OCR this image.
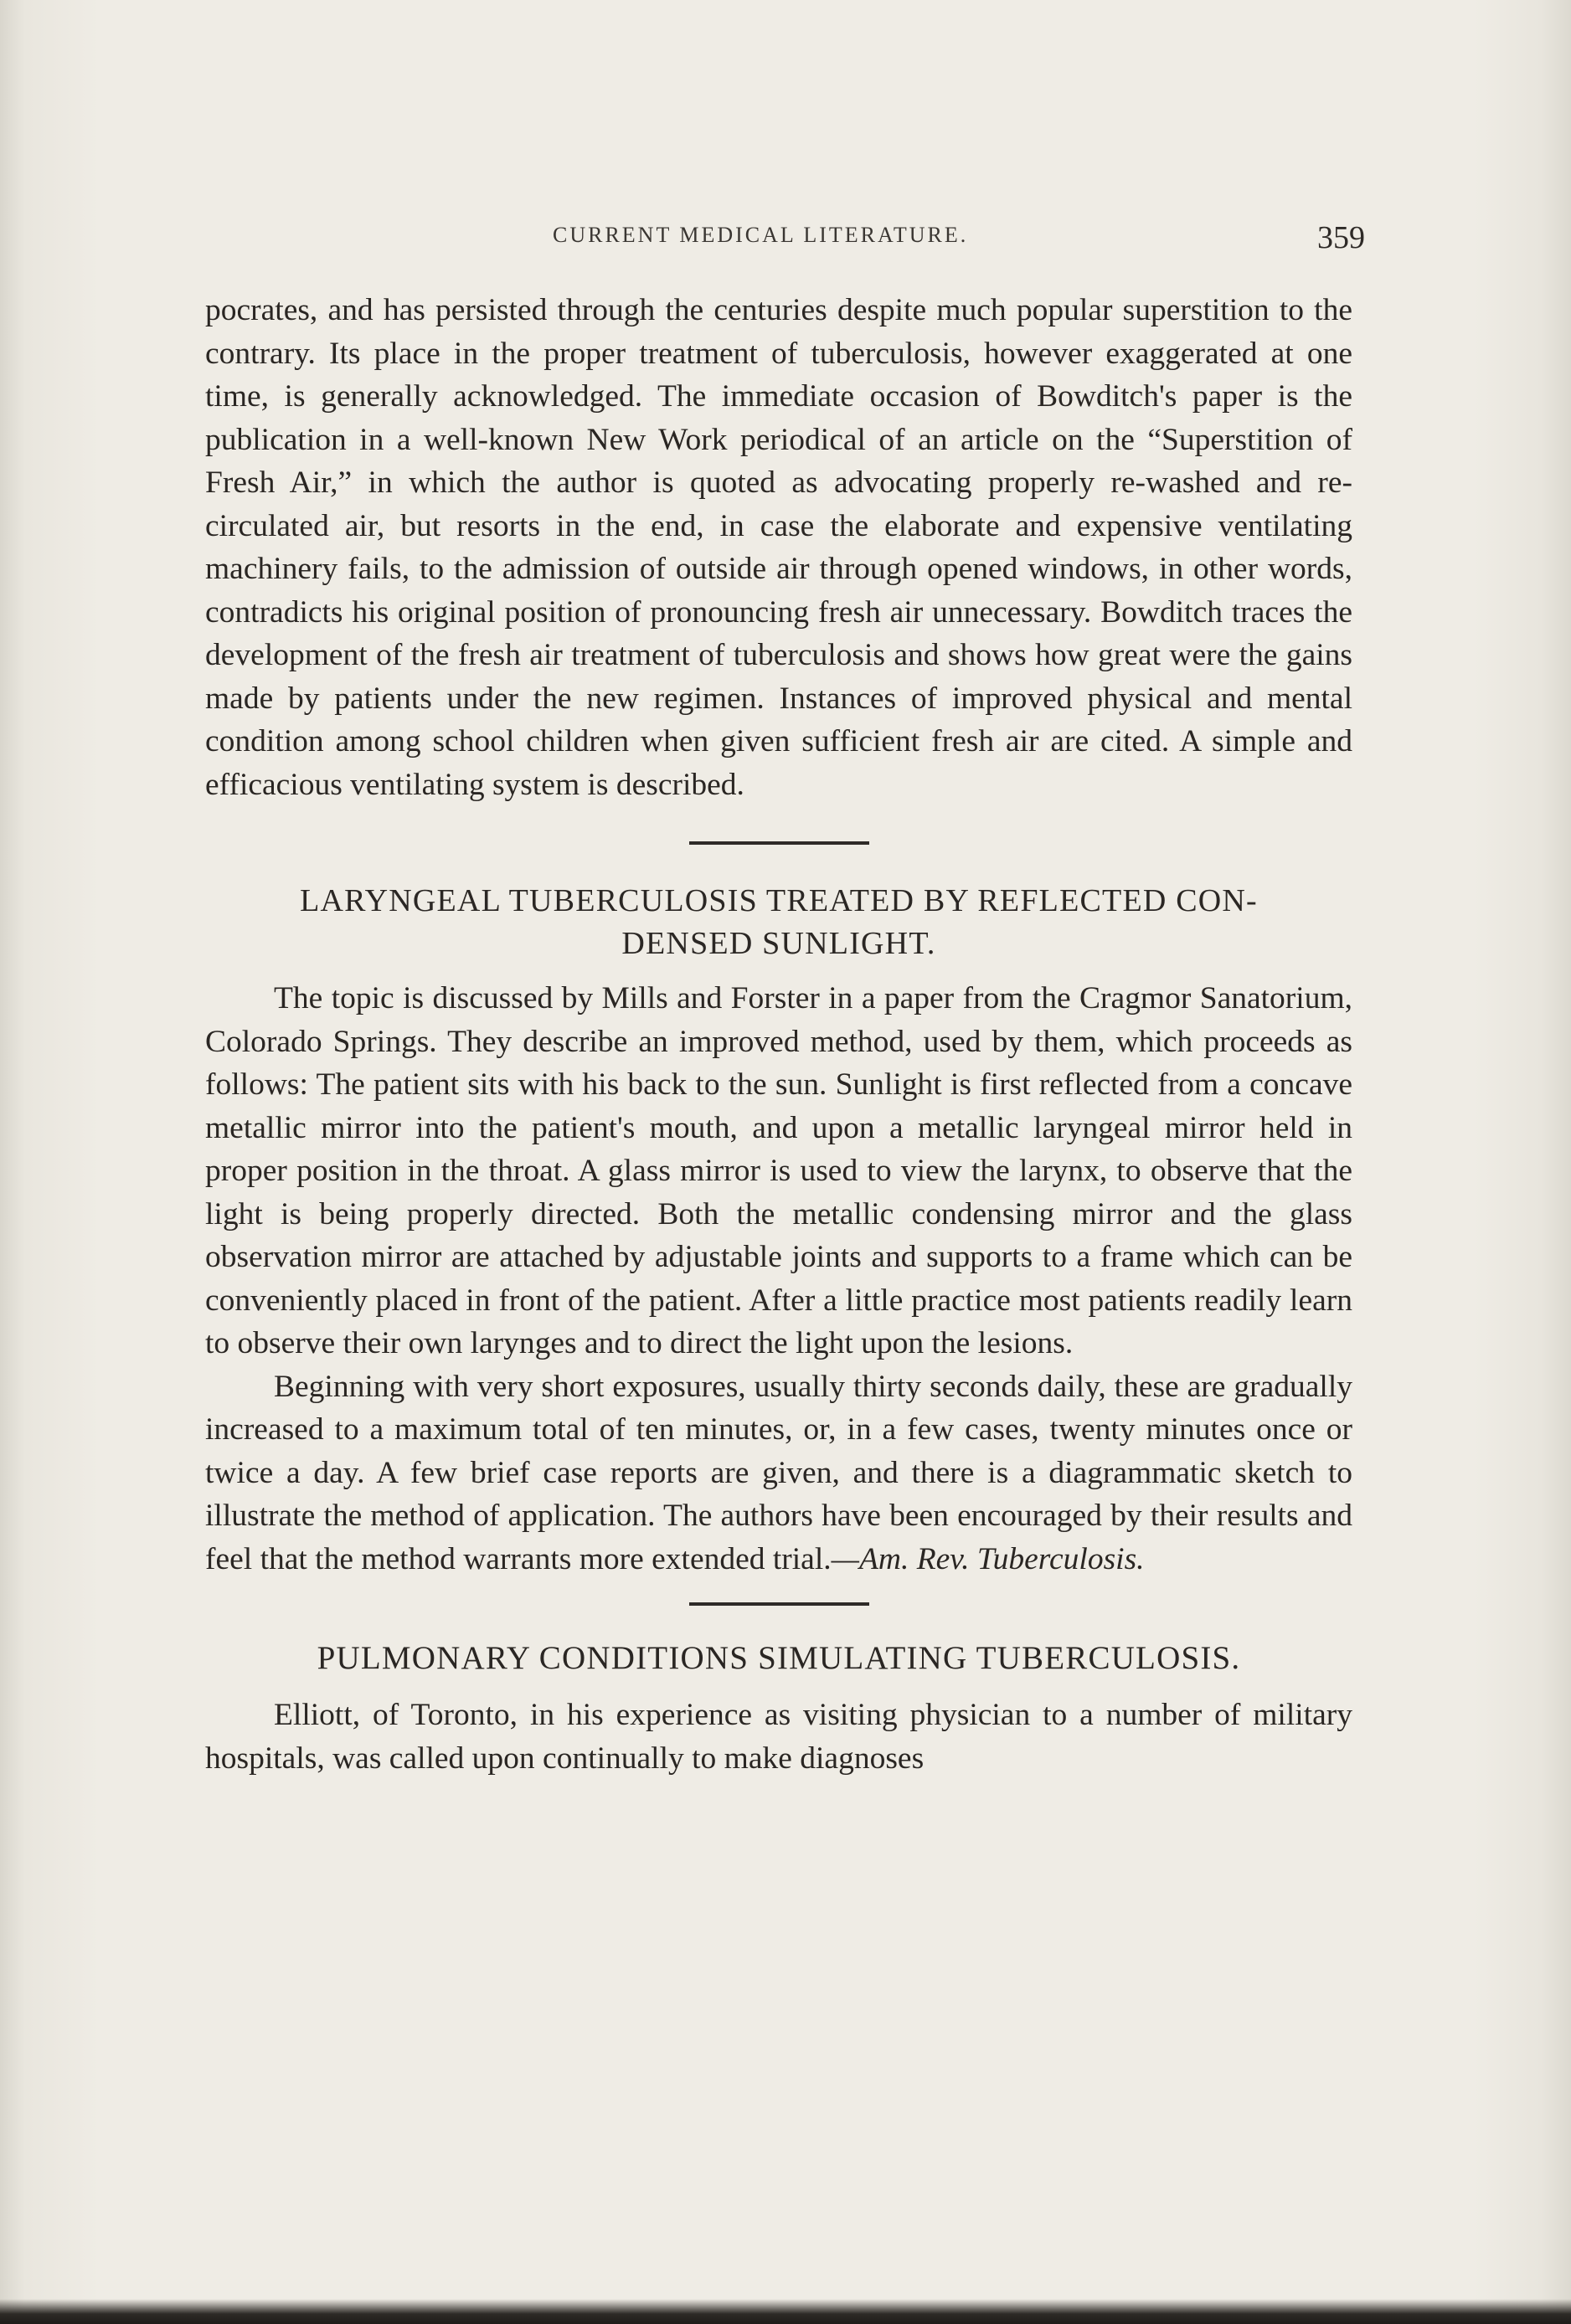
CURRENT MEDICAL LITERATURE.	359

pocrates, and has persisted through the centuries despite much popular superstition to the contrary. Its place in the proper treatment of tuberculosis, however exaggerated at one time, is generally acknowledged. The immediate occasion of Bowditch's paper is the publication in a well-known New Work periodical of an article on the “Superstition of Fresh Air,” in which the author is quoted as advocating properly re-washed and re-circulated air, but resorts in the end, in case the elaborate and expensive ventilating machinery fails, to the admission of outside air through opened windows, in other words, contradicts his original position of pronouncing fresh air unnecessary. Bowditch traces the development of the fresh air treatment of tuberculosis and shows how great were the gains made by patients under the new regimen. Instances of improved physical and mental condition among school children when given sufficient fresh air are cited. A simple and efficacious ventilating system is described.

LARYNGEAL TUBERCULOSIS TREATED BY REFLECTED CON-
DENSED SUNLIGHT.

The topic is discussed by Mills and Forster in a paper from the Cragmor Sanatorium, Colorado Springs. They describe an improved method, used by them, which proceeds as follows: The patient sits with his back to the sun. Sunlight is first reflected from a concave metallic mirror into the patient's mouth, and upon a metallic laryngeal mirror held in proper position in the throat. A glass mirror is used to view the larynx, to observe that the light is being properly directed. Both the metallic condensing mirror and the glass observation mirror are attached by adjustable joints and supports to a frame which can be conveniently placed in front of the patient. After a little practice most patients readily learn to observe their own larynges and to direct the light upon the lesions.

Beginning with very short exposures, usually thirty seconds daily, these are gradually increased to a maximum total of ten minutes, or, in a few cases, twenty minutes once or twice a day. A few brief case reports are given, and there is a diagrammatic sketch to illustrate the method of application. The authors have been encouraged by their results and feel that the method warrants more extended trial.—Am. Rev. Tuberculosis.

PULMONARY CONDITIONS SIMULATING TUBERCULOSIS.

Elliott, of Toronto, in his experience as visiting physician to a number of military hospitals, was called upon continually to make diagnoses
